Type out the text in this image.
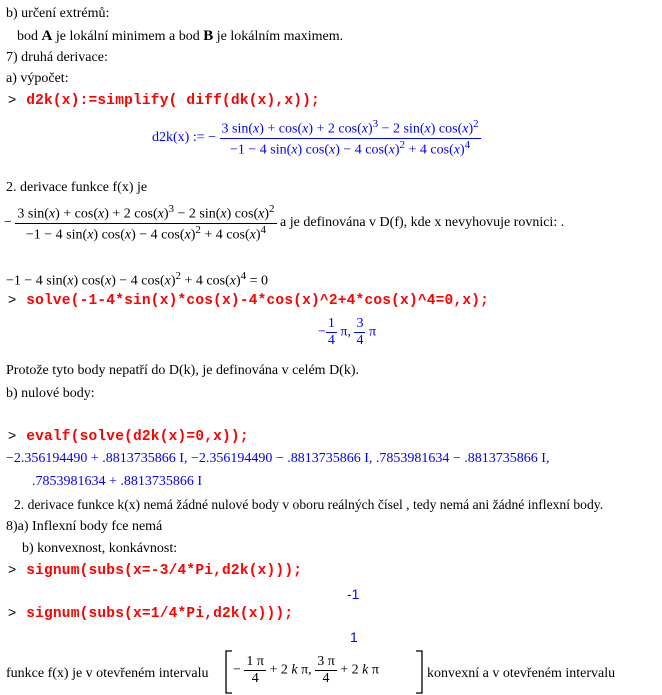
b) určení extrémů:
bod A je lokální minimem a bod B je lokálním maximem.
7) druhá derivace:
a) výpočet:
> d2k(x):=simplify( diff(dk(x),x));
d2k(x) := − $\frac{3 \sin(x) + \cos(x) + 2 \cos(x)^3 - 2 \sin(x) \cos(x)^2}{-1 - 4 \sin(x) \cos(x) - 4 \cos(x)^2 + 4 \cos(x)^4}$
2. derivace funkce f(x) je
− $\frac{3 \sin(x) + \cos(x) + 2 \cos(x)^3 - 2 \sin(x) \cos(x)^2}{-1 - 4 \sin(x) \cos(x) - 4 \cos(x)^2 + 4 \cos(x)^4}$ a je definována v D(f), kde x nevyhovuje rovnici: .
−1 − 4 sin(x) cos(x) − 4 $\cos(x)^2 + 4$ $\cos(x)^4 = 0$
> solve(-1-4*sin(x)*cos(x)-4*cos(x)^2+4*cos(x)^4=0,x);
− $\frac{1}{4} \pi$, $\frac{3}{4}$ π
Protože tyto body nepatří do D(k), je definována v celém D(k).
b) nulové body:
> evalf(solve(d2k(x)=0,x));
−2.356194490 + .8813735866 I, −2.356194490 − .8813735866 I, .7853981634 − .8813735866 I,
.7853981634 + .8813735866 I
2. derivace funkce k(x) nemá žádné nulové body v oboru reálných čísel , tedy nemá ani žádné inflexní body.
8)a) Inflexní body fce nemá
b) konvexnost, konkávnost:
> signum(subs(x=-3/4*Pi,d2k(x)));
-1
> signum(subs(x=1/4*Pi,d2k(x)));
1
funkce f(x) je v otevřeném intervalu − $\frac{1 \pi}{4} + 2$ k π, $\frac{3 \pi}{4} + 2$ k π	konvexní a v otevřeném intervalu
